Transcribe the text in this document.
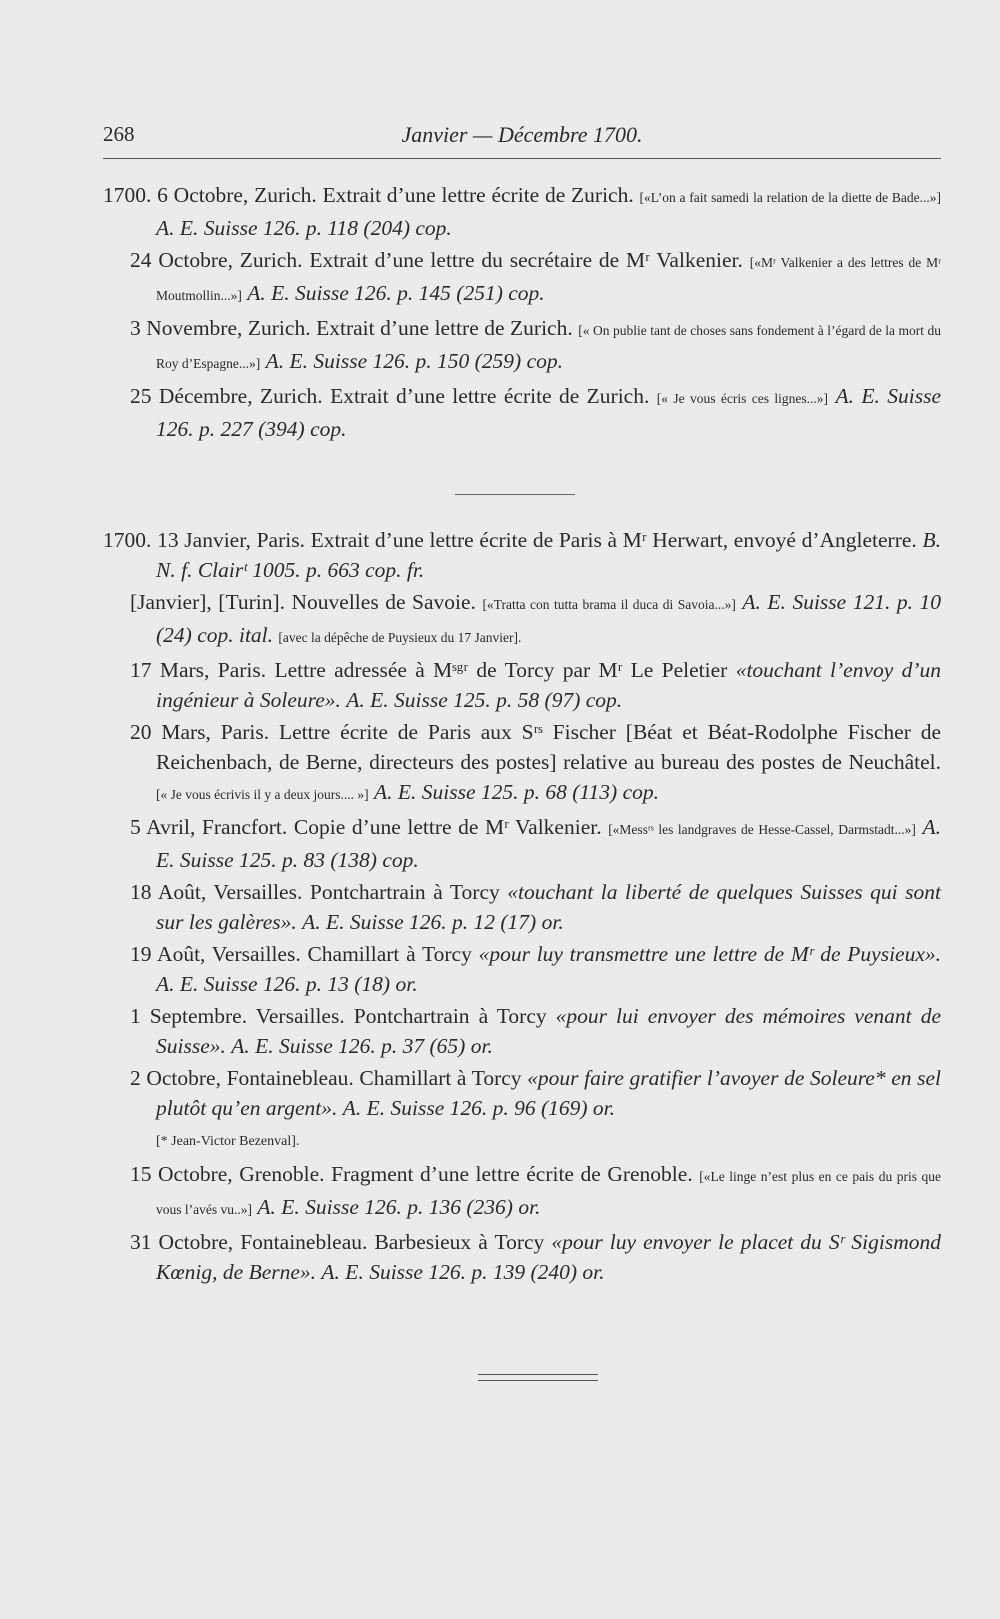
268	Janvier — Décembre 1700.

1700. 6 Octobre, Zurich. Extrait d’une lettre écrite de Zurich. [«L’on a fait samedi la relation de la diette de Bade...»] A. E. Suisse 126. p. 118 (204) cop.

24 Octobre, Zurich. Extrait d’une lettre du secrétaire de Mʳ Valkenier. [«Mʳ Valkenier a des lettres de Mʳ Moutmollin...»] A. E. Suisse 126. p. 145 (251) cop.

3 Novembre, Zurich. Extrait d’une lettre de Zurich. [« On publie tant de choses sans fondement à l’égard de la mort du Roy d’Espagne...»] A. E. Suisse 126. p. 150 (259) cop.

25 Décembre, Zurich. Extrait d’une lettre écrite de Zurich. [« Je vous écris ces lignes...»] A. E. Suisse 126. p. 227 (394) cop.

1700. 13 Janvier, Paris. Extrait d’une lettre écrite de Paris à Mʳ Herwart, envoyé d’Angleterre. B. N. f. Clairᵗ 1005. p. 663 cop. fr.

[Janvier], [Turin]. Nouvelles de Savoie. [«Tratta con tutta brama il duca di Savoia...»] A. E. Suisse 121. p. 10 (24) cop. ital. [avec la dépêche de Puysieux du 17 Janvier].

17 Mars, Paris. Lettre adressée à Mˢᵍʳ de Torcy par Mʳ Le Peletier «touchant l’envoy d’un ingénieur à Soleure». A. E. Suisse 125. p. 58 (97) cop.

20 Mars, Paris. Lettre écrite de Paris aux Sʳˢ Fischer [Béat et Béat-Rodolphe Fischer de Reichenbach, de Berne, directeurs des postes] relative au bureau des postes de Neuchâtel. [« Je vous écrivis il y a deux jours.... »] A. E. Suisse 125. p. 68 (113) cop.

5 Avril, Francfort. Copie d’une lettre de Mʳ Valkenier. [«Messʳˢ les landgraves de Hesse-Cassel, Darmstadt...»] A. E. Suisse 125. p. 83 (138) cop.

18 Août, Versailles. Pontchartrain à Torcy «touchant la liberté de quelques Suisses qui sont sur les galères». A. E. Suisse 126. p. 12 (17) or.

19 Août, Versailles. Chamillart à Torcy «pour luy transmettre une lettre de Mʳ de Puysieux». A. E. Suisse 126. p. 13 (18) or.

1 Septembre. Versailles. Pontchartrain à Torcy «pour lui envoyer des mémoires venant de Suisse». A. E. Suisse 126. p. 37 (65) or.

2 Octobre, Fontainebleau. Chamillart à Torcy «pour faire gratifier l’avoyer de Soleure* en sel plutôt qu’en argent». A. E. Suisse 126. p. 96 (169) or.
[* Jean-Victor Bezenval].

15 Octobre, Grenoble. Fragment d’une lettre écrite de Grenoble. [«Le linge n’est plus en ce pais du pris que vous l’avés vu..»] A. E. Suisse 126. p. 136 (236) or.

31 Octobre, Fontainebleau. Barbesieux à Torcy «pour luy envoyer le placet du Sʳ Sigismond Kœnig, de Berne». A. E. Suisse 126. p. 139 (240) or.
